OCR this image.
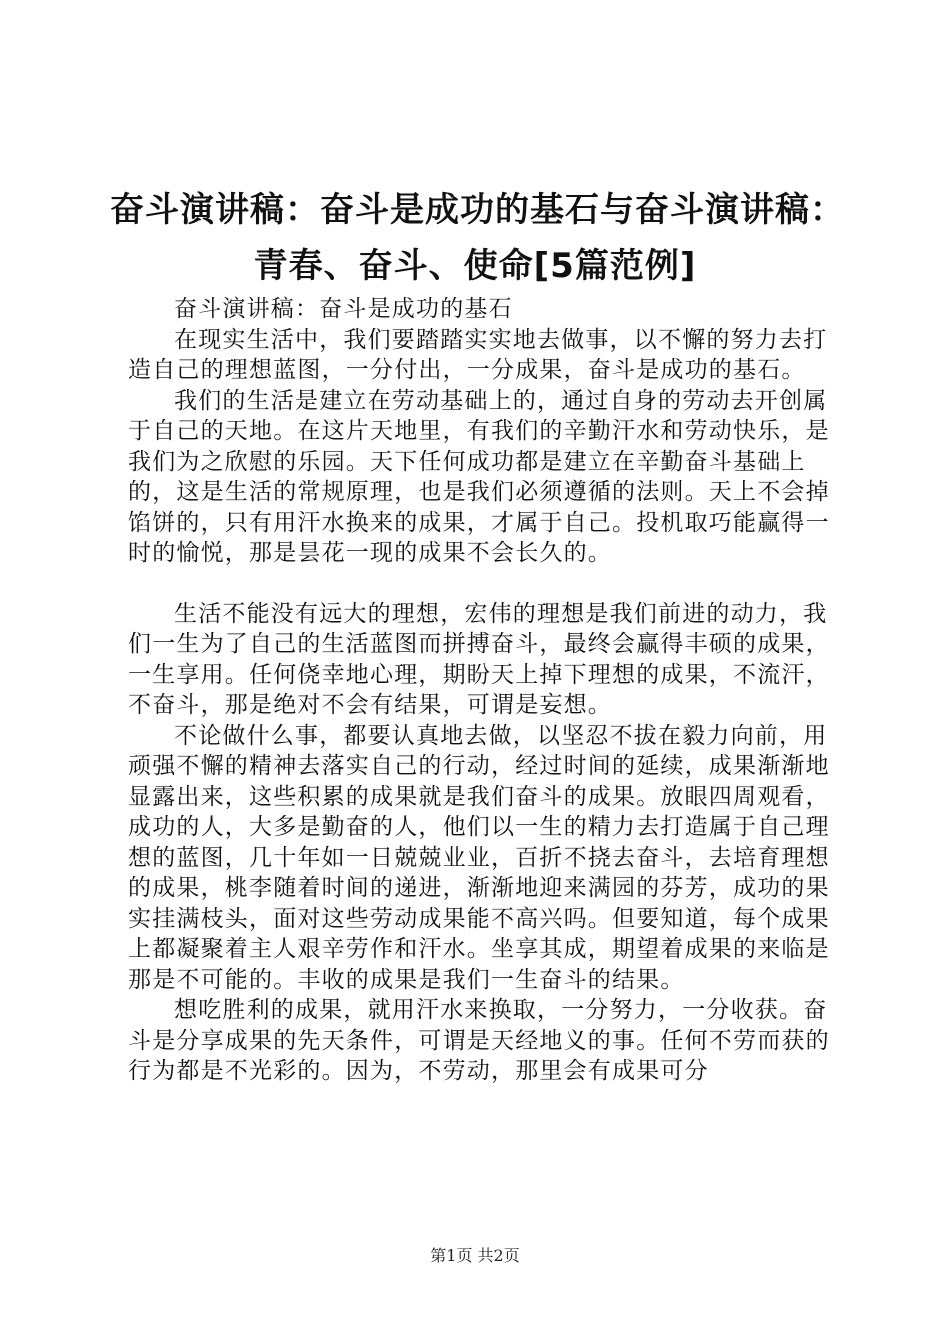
奋斗演讲稿：奋斗是成功的基石与奋斗演讲稿：
青春、奋斗、使命[5篇范例]

奋斗演讲稿：奋斗是成功的基石

在现实生活中，我们要踏踏实实地去做事，以不懈的努力去打造自己的理想蓝图，一分付出，一分成果，奋斗是成功的基石。

我们的生活是建立在劳动基础上的，通过自身的劳动去开创属于自己的天地。在这片天地里，有我们的辛勤汗水和劳动快乐，是我们为之欣慰的乐园。天下任何成功都是建立在辛勤奋斗基础上的，这是生活的常规原理，也是我们必须遵循的法则。天上不会掉馅饼的，只有用汗水换来的成果，才属于自己。投机取巧能赢得一时的愉悦，那是昙花一现的成果不会长久的。

生活不能没有远大的理想，宏伟的理想是我们前进的动力，我们一生为了自己的生活蓝图而拼搏奋斗，最终会赢得丰硕的成果，一生享用。任何侥幸地心理，期盼天上掉下理想的成果，不流汗，不奋斗，那是绝对不会有结果，可谓是妄想。

不论做什么事，都要认真地去做，以坚忍不拔在毅力向前，用顽强不懈的精神去落实自己的行动，经过时间的延续，成果渐渐地显露出来，这些积累的成果就是我们奋斗的成果。放眼四周观看，成功的人，大多是勤奋的人，他们以一生的精力去打造属于自己理想的蓝图，几十年如一日兢兢业业，百折不挠去奋斗，去培育理想的成果，桃李随着时间的递进，渐渐地迎来满园的芬芳，成功的果实挂满枝头，面对这些劳动成果能不高兴吗。但要知道，每个成果上都凝聚着主人艰辛劳作和汗水。坐享其成，期望着成果的来临是那是不可能的。丰收的成果是我们一生奋斗的结果。

想吃胜利的成果，就用汗水来换取，一分努力，一分收获。奋斗是分享成果的先天条件，可谓是天经地义的事。任何不劳而获的行为都是不光彩的。因为，不劳动，那里会有成果可分

第1页 共2页
